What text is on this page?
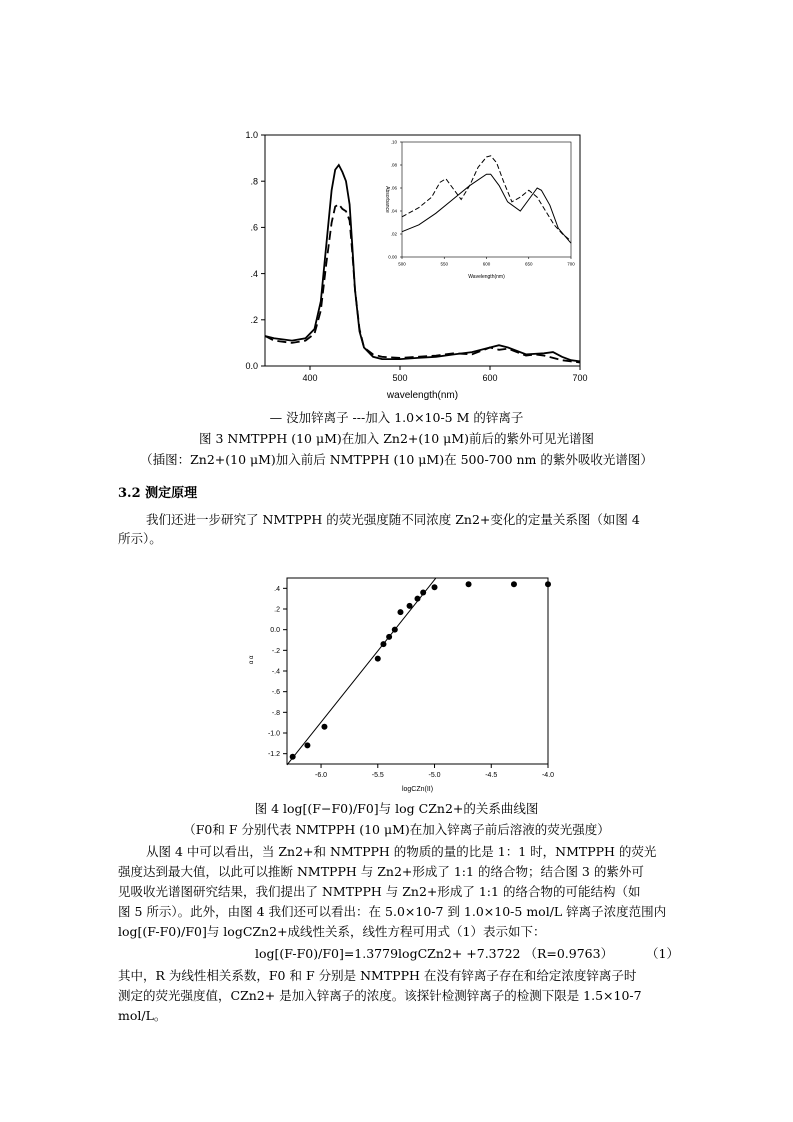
400	500	600	700
0.0
.2
.4
.6
.8
1.0
wavelength(nm)
500	550	600	650	700
0.00
.02
.04
.06
.08
.10
Wavelength(nm)
Absorbance
— 没加锌离子 ---加入 1.0×10-5 M 的锌离子
图 3 NMTPPH (10 μM)在加入 Zn2+(10 μM)前后的紫外可见光谱图
（插图：Zn2+(10 μM)加入前后 NMTPPH (10 μM)在 500-700 nm 的紫外吸收光谱图）
3.2 测定原理
我们还进一步研究了 NMTPPH 的荧光强度随不同浓度 Zn2+变化的定量关系图（如图 4
所示）。
-6.0	-5.5	-5.0	-4.5	-4.0
-1.2
-1.0
-.8
-.6
-.4
-.2
0.0
.2
.4
logCZn(II)
α α
图 4 log[(F−F0)/F0]与 log CZn2+的关系曲线图
（F0和 F 分别代表 NMTPPH (10 μM)在加入锌离子前后溶液的荧光强度）
从图 4 中可以看出，当 Zn2+和 NMTPPH 的物质的量的比是 1：1 时，NMTPPH 的荧光
强度达到最大值，以此可以推断 NMTPPH 与 Zn2+形成了 1:1 的络合物；结合图 3 的紫外可
见吸收光谱图研究结果，我们提出了 NMTPPH 与 Zn2+形成了 1:1 的络合物的可能结构（如
图 5 所示）。此外，由图 4 我们还可以看出：在 5.0×10-7 到 1.0×10-5 mol/L 锌离子浓度范围内
log[(F-F0)/F0]与 logCZn2+成线性关系，线性方程可用式（1）表示如下：
log[(F-F0)/F0]=1.3779logCZn2+ +7.3722 （R=0.9763）	（1）
其中，R 为线性相关系数，F0 和 F 分别是 NMTPPH 在没有锌离子存在和给定浓度锌离子时
测定的荧光强度值，CZn2+ 是加入锌离子的浓度。该探针检测锌离子的检测下限是 1.5×10-7
mol/L。
